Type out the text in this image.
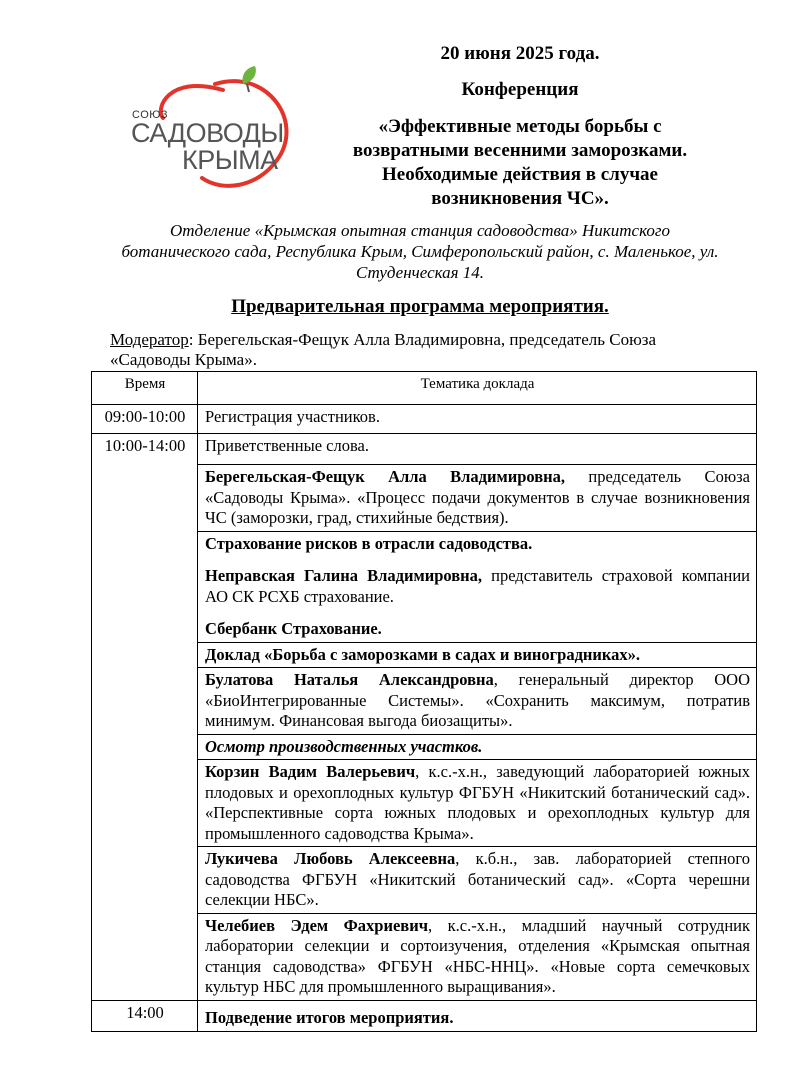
СОЮЗ
САДОВОДЫ
КРЫМА
20 июня 2025 года.
Конференция
«Эффективные методы борьбы с возвратными весенними заморозками. Необходимые действия в случае возникновения ЧС».
Отделение «Крымская опытная станция садоводства» Никитского ботанического сада, Республика Крым, Симферопольский район, с. Маленькое, ул. Студенческая 14.
Предварительная программа мероприятия.
Модератор: Берегельская-Фещук Алла Владимировна, председатель Союза «Садоводы Крыма».
Время	Тематика доклада
09:00-10:00	Регистрация участников.
10:00-14:00	Приветственные слова.
	Берегельская-Фещук Алла Владимировна, председатель Союза «Садоводы Крыма». «Процесс подачи документов в случае возникновения ЧС (заморозки, град, стихийные бедствия).
	Страхование рисков в отрасли садоводства.
Неправская Галина Владимировна, представитель страховой компании АО СК РСХБ страхование.
Сбербанк Страхование.
	Доклад «Борьба с заморозками в садах и виноградниках».
	Булатова Наталья Александровна, генеральный директор ООО «БиоИнтегрированные Системы». «Сохранить максимум, потратив минимум. Финансовая выгода биозащиты».
	Осмотр производственных участков.
	Корзин Вадим Валерьевич, к.с.-х.н., заведующий лабораторией южных плодовых и орехоплодных культур ФГБУН «Никитский ботанический сад». «Перспективные сорта южных плодовых и орехоплодных культур для промышленного садоводства Крыма».
	Лукичева Любовь Алексеевна, к.б.н., зав. лабораторией степного садоводства ФГБУН «Никитский ботанический сад». «Сорта черешни селекции НБС».
	Челебиев Эдем Фахриевич, к.с.-х.н., младший научный сотрудник лаборатории селекции и сортоизучения, отделения «Крымская опытная станция садоводства» ФГБУН «НБС-ННЦ». «Новые сорта семечковых культур НБС для промышленного выращивания».
14:00	Подведение итогов мероприятия.
